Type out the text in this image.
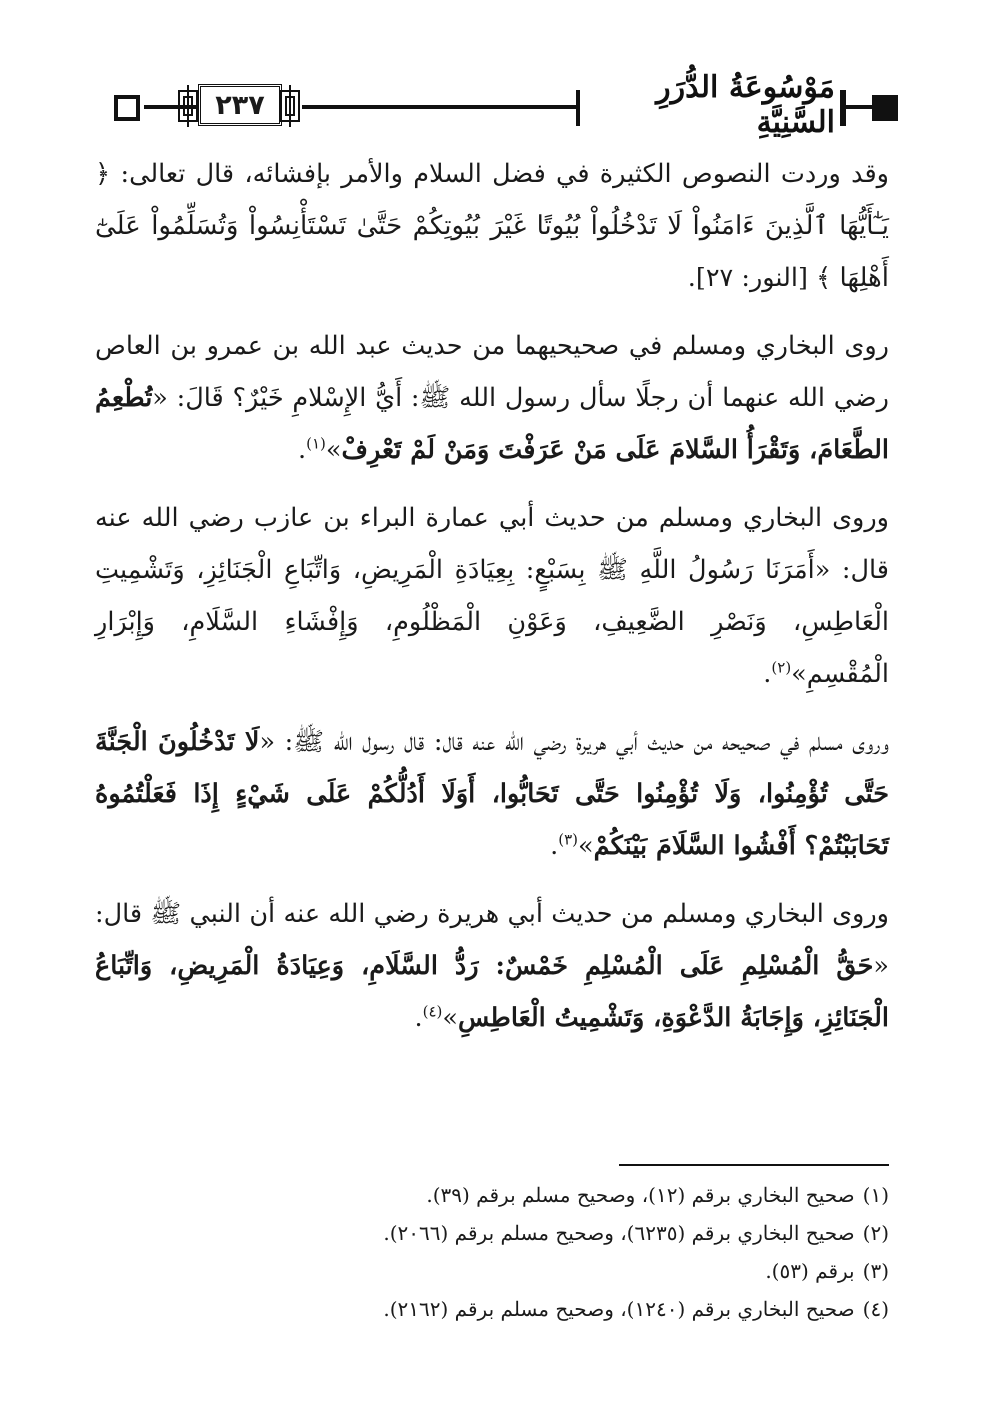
٢٣٧	مَوْسُوعَةُ الدُّرَرِ السَّنِيَّةِ

وقد وردت النصوص الكثيرة في فضل السلام والأمر بإفشائه، قال تعالى: ﴿ يَـٰٓأَيُّهَا ٱلَّذِينَ ءَامَنُواْ لَا تَدْخُلُواْ بُيُوتًا غَيْرَ بُيُوتِكُمْ حَتَّىٰ تَسْتَأْنِسُواْ وَتُسَلِّمُواْ عَلَىٰٓ أَهْلِهَا ﴾ [النور: ٢٧].

روى البخاري ومسلم في صحيحيهما من حديث عبد الله بن عمرو بن العاص رضي الله عنهما أن رجلًا سأل رسول الله ﷺ: أَيُّ الإِسْلامِ خَيْرٌ؟ قَالَ: «تُطْعِمُ الطَّعَامَ، وَتَقْرَأُ السَّلامَ عَلَى مَنْ عَرَفْتَ وَمَنْ لَمْ تَعْرِفْ»$^{(١)}$.

وروى البخاري ومسلم من حديث أبي عمارة البراء بن عازب رضي الله عنه قال: «أَمَرَنَا رَسُولُ اللَّهِ ﷺ بِسَبْعٍ: بِعِيَادَةِ الْمَرِيضِ، وَاتِّبَاعِ الْجَنَائِزِ، وَتَشْمِيتِ الْعَاطِسِ، وَنَصْرِ الضَّعِيفِ، وَعَوْنِ الْمَظْلُومِ، وَإِفْشَاءِ السَّلَامِ، وَإِبْرَارِ الْمُقْسِمِ»$^{(٢)}$.

وروى مسلم في صحيحه من حديث أبي هريرة رضي الله عنه قال: قال رسول الله ﷺ: «لَا تَدْخُلُونَ الْجَنَّةَ حَتَّى تُؤْمِنُوا، وَلَا تُؤْمِنُوا حَتَّى تَحَابُّوا، أَوَلَا أَدُلُّكُمْ عَلَى شَيْءٍ إِذَا فَعَلْتُمُوهُ تَحَابَبْتُمْ؟ أَفْشُوا السَّلَامَ بَيْنَكُمْ»$^{(٣)}$.

وروى البخاري ومسلم من حديث أبي هريرة رضي الله عنه أن النبي ﷺ قال: «حَقُّ الْمُسْلِمِ عَلَى الْمُسْلِمِ خَمْسٌ: رَدُّ السَّلَامِ، وَعِيَادَةُ الْمَرِيضِ، وَاتِّبَاعُ الْجَنَائِزِ، وَإِجَابَةُ الدَّعْوَةِ، وَتَشْمِيتُ الْعَاطِسِ»$^{(٤)}$.

(١)صحيح البخاري برقم (١٢)، وصحيح مسلم برقم (٣٩).

(٢)صحيح البخاري برقم (٦٢٣٥)، وصحيح مسلم برقم (٢٠٦٦).

(٣)برقم (٥٣).

(٤)صحيح البخاري برقم (١٢٤٠)، وصحيح مسلم برقم (٢١٦٢).
